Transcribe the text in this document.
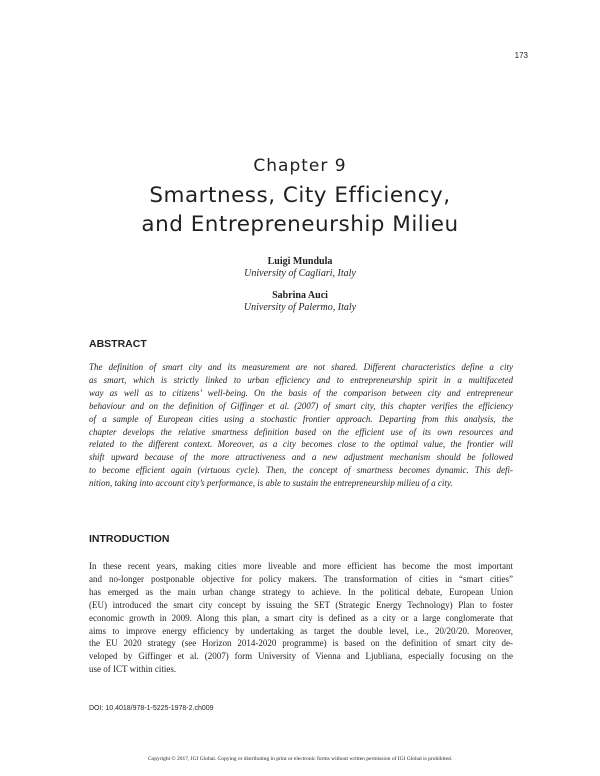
173
Chapter 9
Smartness, City Efficiency,
and Entrepreneurship Milieu
Luigi Mundula
University of Cagliari, Italy
Sabrina Auci
University of Palermo, Italy
ABSTRACT
The definition of smart city and its measurement are not shared. Different characteristics define a city
as smart, which is strictly linked to urban efficiency and to entrepreneurship spirit in a multifaceted
way as well as to citizens’ well-being. On the basis of the comparison between city and entrepreneur
behaviour and on the definition of Giffinger et al. (2007) of smart city, this chapter verifies the efficiency
of a sample of European cities using a stochastic frontier approach. Departing from this analysis, the
chapter develops the relative smartness definition based on the efficient use of its own resources and
related to the different context. Moreover, as a city becomes close to the optimal value, the frontier will
shift upward because of the more attractiveness and a new adjustment mechanism should be followed
to become efficient again (virtuous cycle). Then, the concept of smartness becomes dynamic. This defi-
nition, taking into account city’s performance, is able to sustain the entrepreneurship milieu of a city.
INTRODUCTION
In these recent years, making cities more liveable and more efficient has become the most important
and no-longer postponable objective for policy makers. The transformation of cities in “smart cities”
has emerged as the main urban change strategy to achieve. In the political debate, European Union
(EU) introduced the smart city concept by issuing the SET (Strategic Energy Technology) Plan to foster
economic growth in 2009. Along this plan, a smart city is defined as a city or a large conglomerate that
aims to improve energy efficiency by undertaking as target the double level, i.e., 20/20/20. Moreover,
the EU 2020 strategy (see Horizon 2014-2020 programme) is based on the definition of smart city de-
veloped by Giffinger et al. (2007) form University of Vienna and Ljubliana, especially focusing on the
use of ICT within cities.
DOI: 10.4018/978-1-5225-1978-2.ch009
Copyright © 2017, IGI Global. Copying or distributing in print or electronic forms without written permission of IGI Global is prohibited.
